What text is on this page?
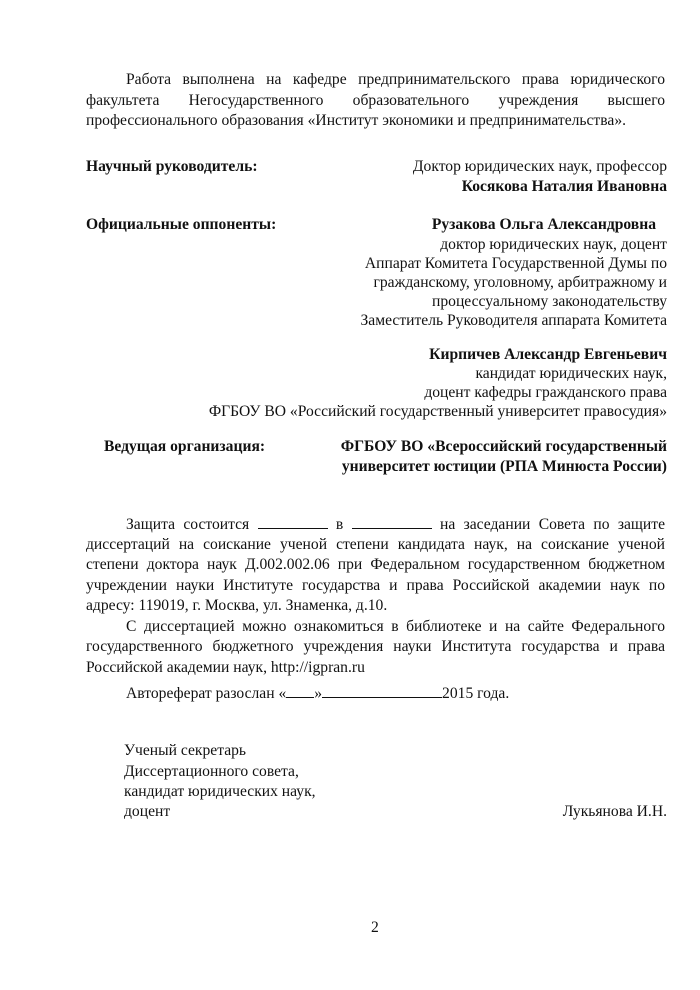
Работа выполнена на кафедре предпринимательского права юридического
факультета Негосударственного образовательного учреждения высшего
профессионального образования «Институт экономики и предпринимательства».
Научный руководитель:	Доктор юридических наук, профессор
Косякова Наталия Ивановна
Официальные оппоненты:	Рузакова Ольга Александровна
доктор юридических наук, доцент
Аппарат Комитета Государственной Думы по
гражданскому, уголовному, арбитражному и
процессуальному законодательству
Заместитель Руководителя аппарата Комитета
Кирпичев Александр Евгеньевич
кандидат юридических наук,
доцент кафедры гражданского права
ФГБОУ ВО «Российский государственный университет правосудия»
Ведущая организация:	ФГБОУ ВО «Всероссийский государственный
университет юстиции (РПА Минюста России)
Защита состоится	в	на заседании Совета по защите
диссертаций на соискание ученой степени кандидата наук, на соискание ученой
степени доктора наук Д.002.002.06 при Федеральном государственном бюджетном
учреждении науки Институте государства и права Российской академии наук по
адресу: 119019, г. Москва, ул. Знаменка, д.10.
С диссертацией можно ознакомиться в библиотеке и на сайте Федерального
государственного бюджетного учреждения науки Института государства и права
Российской академии наук, http://igpran.ru
Автореферат разослан « »	2015 года.
Ученый секретарь
Диссертационного совета,
кандидат юридических наук,
доцент	Лукьянова И.Н.
2
